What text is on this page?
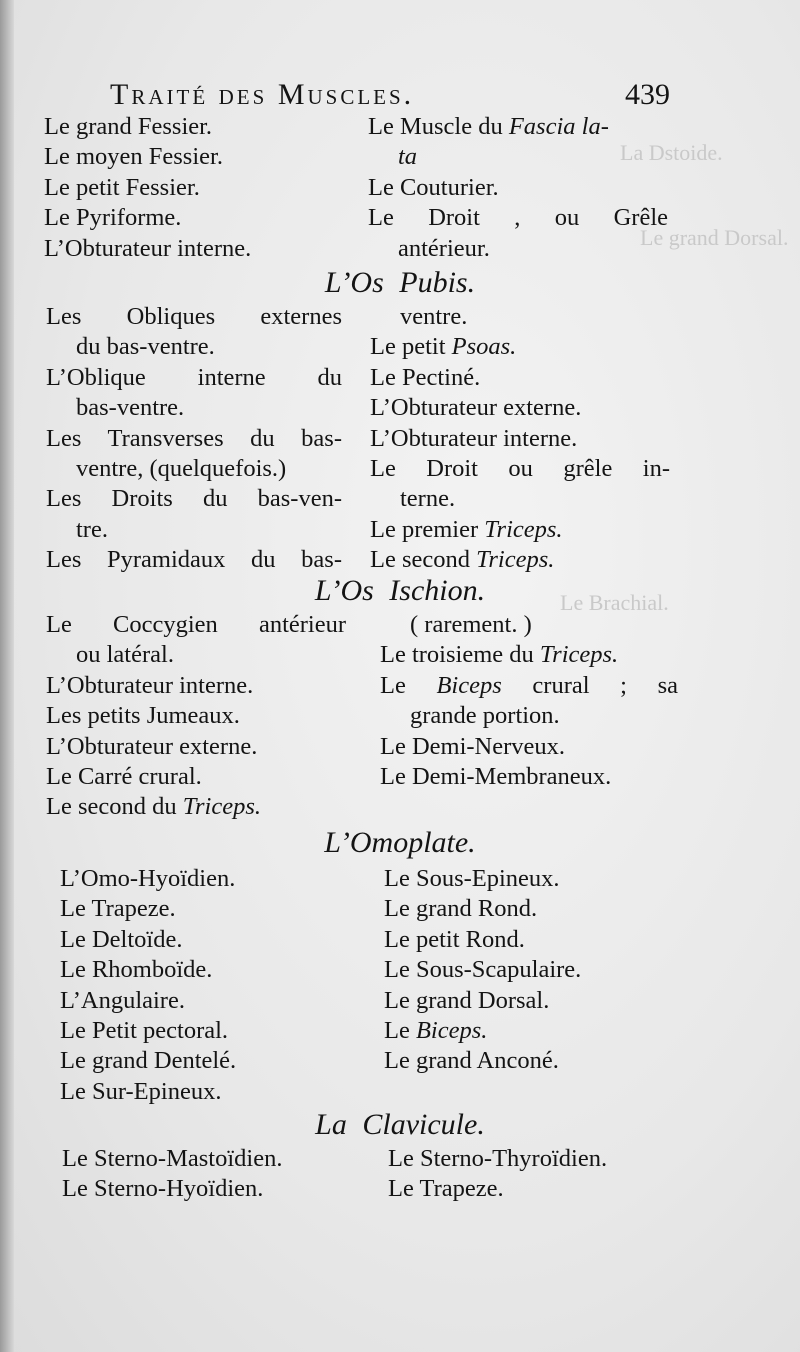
La Dstoide.
Le grand Dorsal.
Le Brachial.
Traité des Muscles.	439
Le grand Fessier.
Le moyen Fessier.
Le petit Fessier.
Le Pyriforme.
L’Obturateur interne.
Le Muscle du Fascia la-
ta
Le Couturier.
Le Droit , ou Grêle
antérieur.
L’Os Pubis.
Les Obliques externes
du bas-ventre.
L’Oblique interne du
bas-ventre.
Les Transverses du bas-
ventre, (quelquefois.)
Les Droits du bas-ven-
tre.
Les Pyramidaux du bas-
ventre.
Le petit Psoas.
Le Pectiné.
L’Obturateur externe.
L’Obturateur interne.
Le Droit ou grêle in-
terne.
Le premier Triceps.
Le second Triceps.
L’Os Ischion.
Le Coccygien antérieur
ou latéral.
L’Obturateur interne.
Les petits Jumeaux.
L’Obturateur externe.
Le Carré crural.
Le second du Triceps.
( rarement. )
Le troisieme du Triceps.
Le Biceps crural ; sa
grande portion.
Le Demi-Nerveux.
Le Demi-Membraneux.
L’Omoplate.
L’Omo-Hyoïdien.
Le Trapeze.
Le Deltoïde.
Le Rhomboïde.
L’Angulaire.
Le Petit pectoral.
Le grand Dentelé.
Le Sur-Epineux.
Le Sous-Epineux.
Le grand Rond.
Le petit Rond.
Le Sous-Scapulaire.
Le grand Dorsal.
Le Biceps.
Le grand Anconé.
La Clavicule.
Le Sterno-Mastoïdien.
Le Sterno-Hyoïdien.
Le Sterno-Thyroïdien.
Le Trapeze.
